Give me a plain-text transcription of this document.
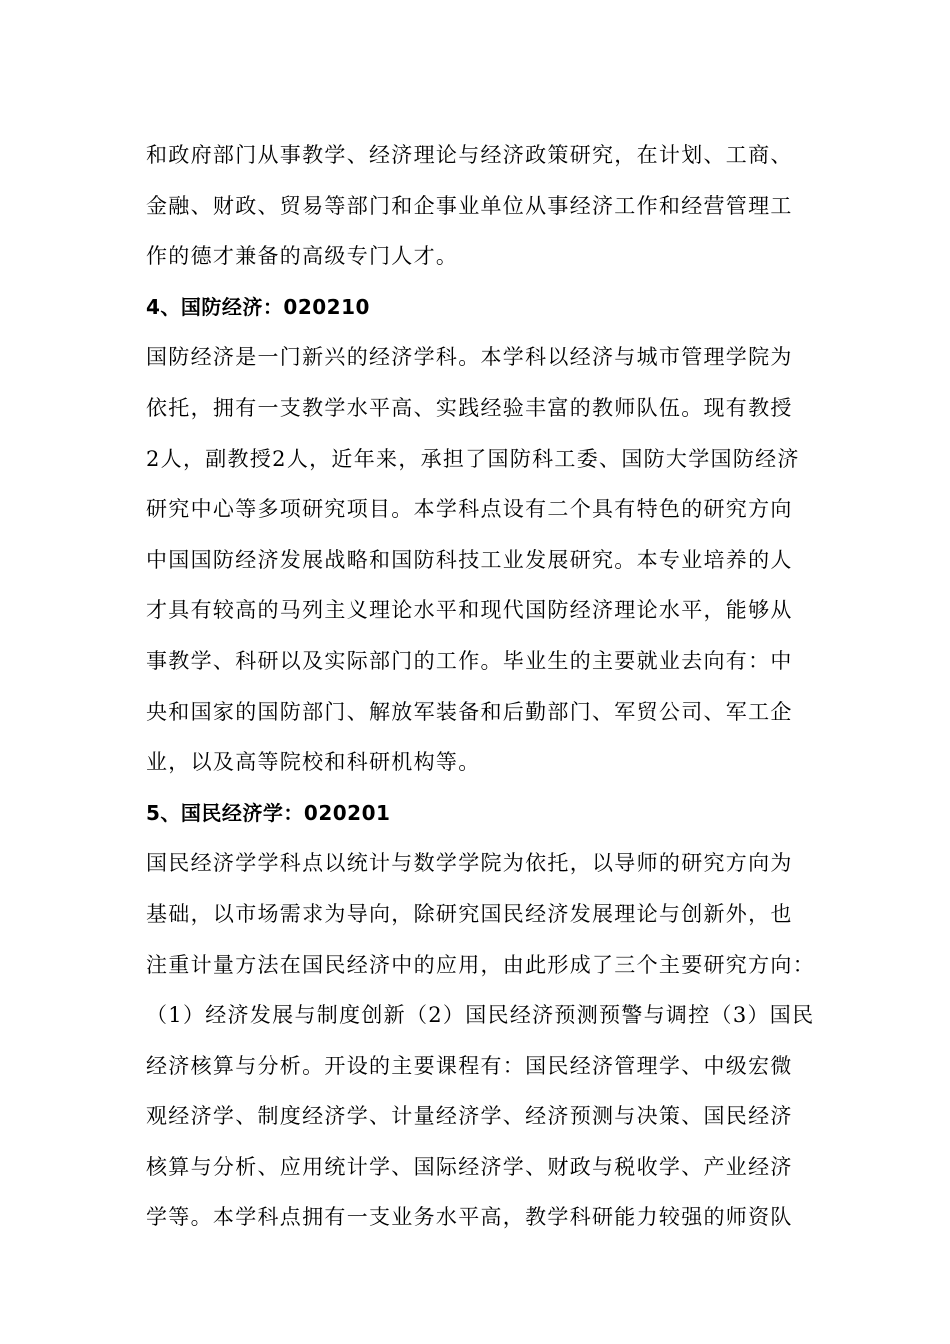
和政府部门从事教学、经济理论与经济政策研究，在计划、工商、
金融、财政、贸易等部门和企事业单位从事经济工作和经营管理工
作的德才兼备的高级专门人才。
4、国防经济：020210
国防经济是一门新兴的经济学科。本学科以经济与城市管理学院为
依托，拥有一支教学水平高、实践经验丰富的教师队伍。现有教授
2人，副教授2人，近年来，承担了国防科工委、国防大学国防经济
研究中心等多项研究项目。本学科点设有二个具有特色的研究方向
中国国防经济发展战略和国防科技工业发展研究。本专业培养的人
才具有较高的马列主义理论水平和现代国防经济理论水平，能够从
事教学、科研以及实际部门的工作。毕业生的主要就业去向有：中
央和国家的国防部门、解放军装备和后勤部门、军贸公司、军工企
业，以及高等院校和科研机构等。
5、国民经济学：020201
国民经济学学科点以统计与数学学院为依托，以导师的研究方向为
基础，以市场需求为导向，除研究国民经济发展理论与创新外，也
注重计量方法在国民经济中的应用，由此形成了三个主要研究方向：
（1）经济发展与制度创新（2）国民经济预测预警与调控（3）国民
经济核算与分析。开设的主要课程有：国民经济管理学、中级宏微
观经济学、制度经济学、计量经济学、经济预测与决策、国民经济
核算与分析、应用统计学、国际经济学、财政与税收学、产业经济
学等。本学科点拥有一支业务水平高，教学科研能力较强的师资队
